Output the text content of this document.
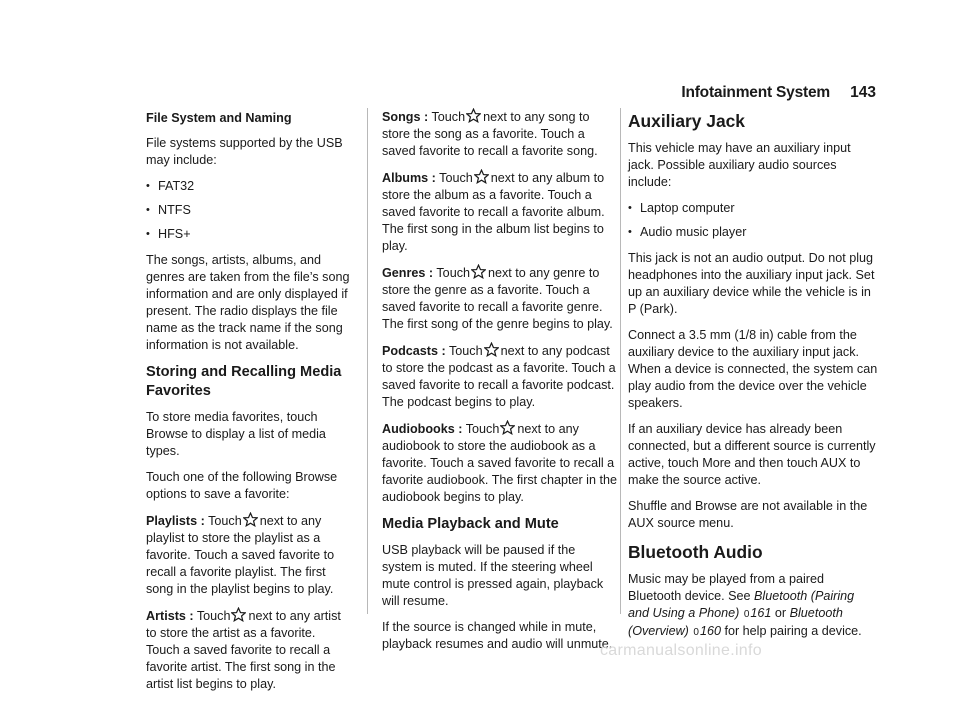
Infotainment System 143
File System and Naming

File systems supported by the USB may include:

• FAT32
• NTFS
• HFS+

The songs, artists, albums, and genres are taken from the file’s song information and are only displayed if present. The radio displays the file name as the track name if the song information is not available.

Storing and Recalling Media Favorites

To store media favorites, touch Browse to display a list of media types.

Touch one of the following Browse options to save a favorite:

Playlists : Touch next to any playlist to store the playlist as a favorite. Touch a saved favorite to recall a favorite playlist. The first song in the playlist begins to play.

Artists : Touch next to any artist to store the artist as a favorite. Touch a saved favorite to recall a favorite artist. The first song in the artist list begins to play.

Songs : Touch next to any song to store the song as a favorite. Touch a saved favorite to recall a favorite song.

Albums : Touch next to any album to store the album as a favorite. Touch a saved favorite to recall a favorite album. The first song in the album list begins to play.

Genres : Touch next to any genre to store the genre as a favorite. Touch a saved favorite to recall a favorite genre. The first song of the genre begins to play.

Podcasts : Touch next to any podcast to store the podcast as a favorite. Touch a saved favorite to recall a favorite podcast. The podcast begins to play.

Audiobooks : Touch next to any audiobook to store the audiobook as a favorite. Touch a saved favorite to recall a favorite audiobook. The first chapter in the audiobook begins to play.

Media Playback and Mute

USB playback will be paused if the system is muted. If the steering wheel mute control is pressed again, playback will resume.

If the source is changed while in mute, playback resumes and audio will unmute.

Auxiliary Jack

This vehicle may have an auxiliary input jack. Possible auxiliary audio sources include:

• Laptop computer
• Audio music player

This jack is not an audio output. Do not plug headphones into the auxiliary input jack. Set up an auxiliary device while the vehicle is in P (Park).

Connect a 3.5 mm (1/8 in) cable from the auxiliary device to the auxiliary input jack. When a device is connected, the system can play audio from the device over the vehicle speakers.

If an auxiliary device has already been connected, but a different source is currently active, touch More and then touch AUX to make the source active.

Shuffle and Browse are not available in the AUX source menu.

Bluetooth Audio

Music may be played from a paired Bluetooth device. See Bluetooth (Pairing and Using a Phone) 0161 or Bluetooth (Overview) 0160 for help pairing a device.

carmanualsonline.info
